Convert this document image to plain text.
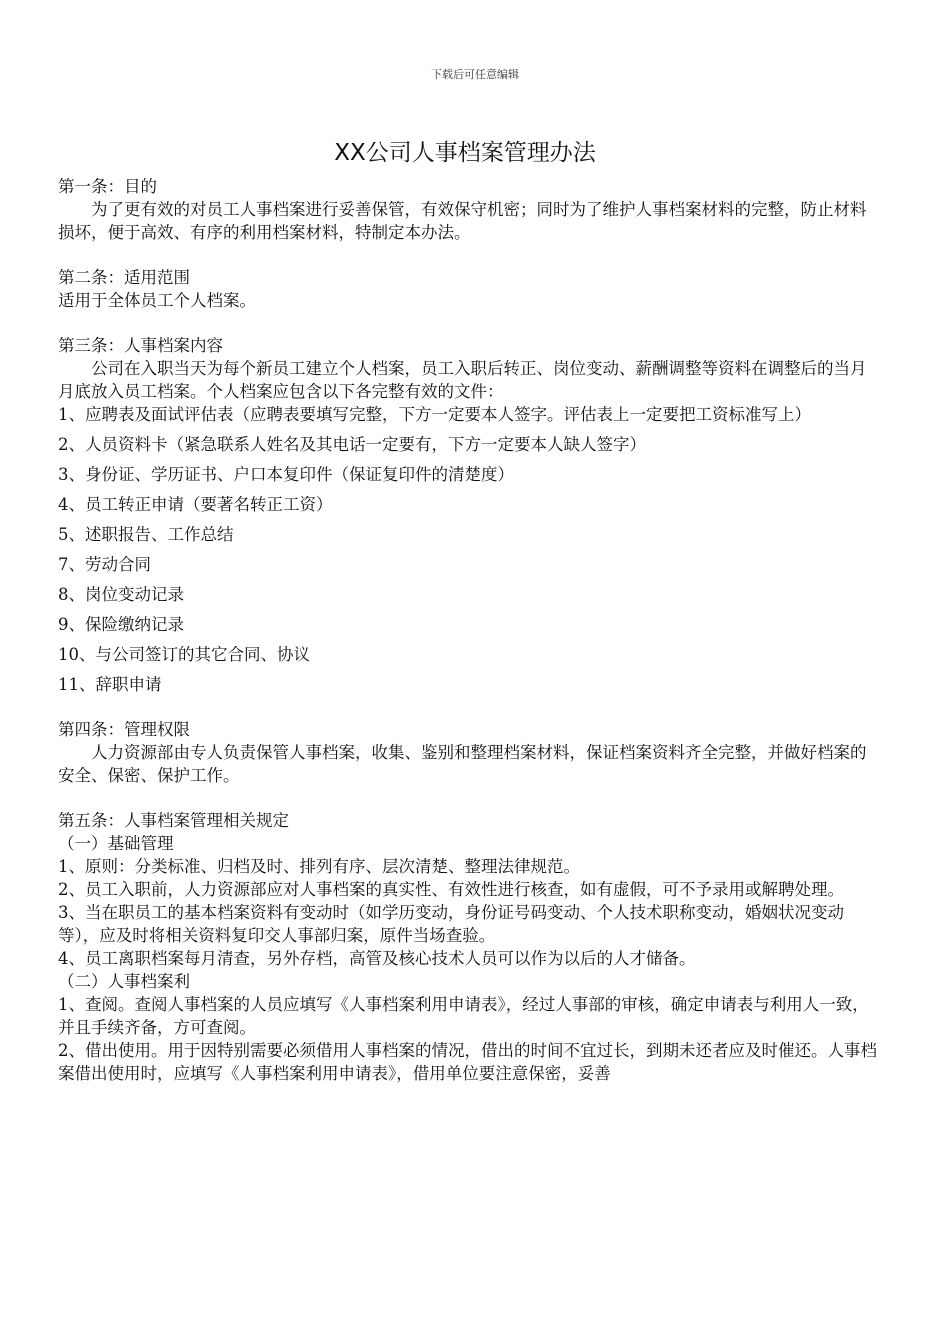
下载后可任意编辑
XX公司人事档案管理办法

第一条：目的

为了更有效的对员工人事档案进行妥善保管，有效保守机密；同时为了维护人事档案材料的完整，防止材料损坏，便于高效、有序的利用档案材料，特制定本办法。

第二条：适用范围

适用于全体员工个人档案。

第三条：人事档案内容

公司在入职当天为每个新员工建立个人档案，员工入职后转正、岗位变动、薪酬调整等资料在调整后的当月月底放入员工档案。个人档案应包含以下各完整有效的文件：

1、应聘表及面试评估表（应聘表要填写完整，下方一定要本人签字。评估表上一定要把工资标准写上）

2、人员资料卡（紧急联系人姓名及其电话一定要有，下方一定要本人缺人签字）

3、身份证、学历证书、户口本复印件（保证复印件的清楚度）

4、员工转正申请（要著名转正工资）

5、述职报告、工作总结

7、劳动合同

8、岗位变动记录

9、保险缴纳记录

10、与公司签订的其它合同、协议

11、辞职申请

第四条：管理权限

人力资源部由专人负责保管人事档案，收集、鉴别和整理档案材料，保证档案资料齐全完整，并做好档案的安全、保密、保护工作。

第五条：人事档案管理相关规定

（一）基础管理

1、原则：分类标准、归档及时、排列有序、层次清楚、整理法律规范。

2、员工入职前，人力资源部应对人事档案的真实性、有效性进行核查，如有虚假，可不予录用或解聘处理。

3、当在职员工的基本档案资料有变动时（如学历变动，身份证号码变动、个人技术职称变动，婚姻状况变动等），应及时将相关资料复印交人事部归案，原件当场查验。

4、员工离职档案每月清查，另外存档，高管及核心技术人员可以作为以后的人才储备。

（二）人事档案利

1、查阅。查阅人事档案的人员应填写《人事档案利用申请表》，经过人事部的审核，确定申请表与利用人一致，并且手续齐备，方可查阅。

2、借出使用。用于因特别需要必须借用人事档案的情况，借出的时间不宜过长，到期未还者应及时催还。人事档案借出使用时，应填写《人事档案利用申请表》，借用单位要注意保密，妥善
